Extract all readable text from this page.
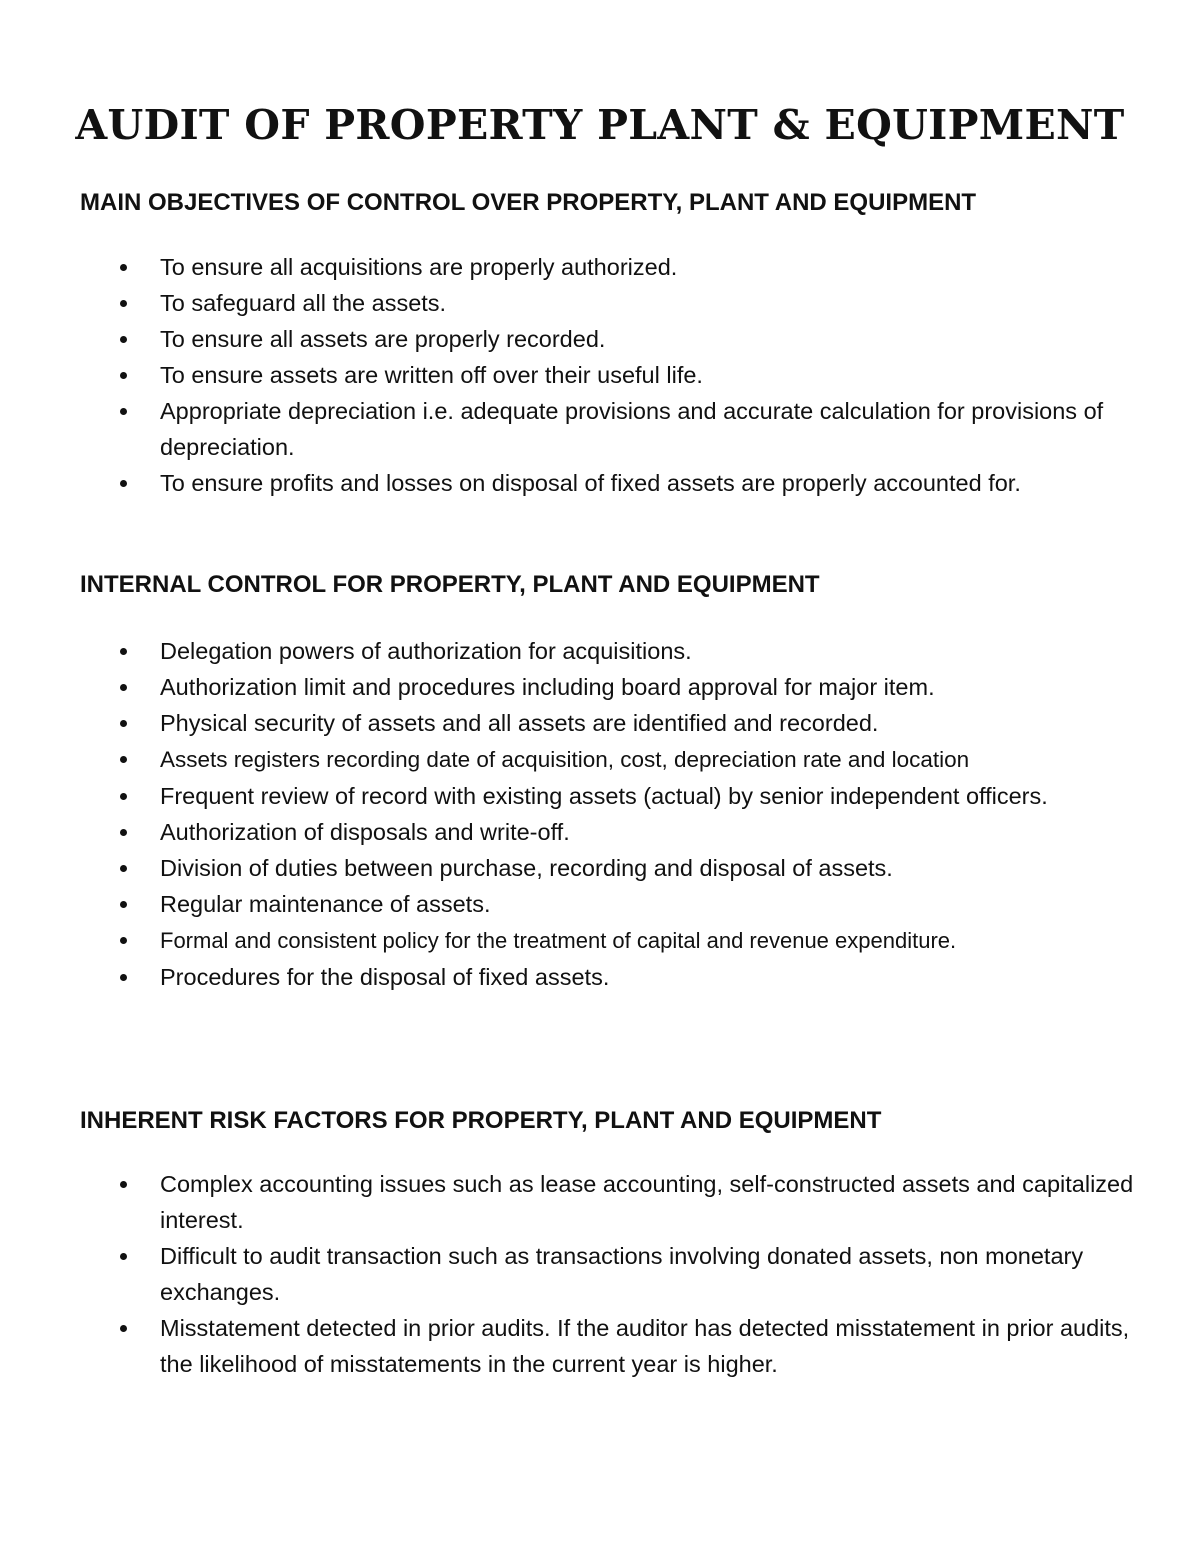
AUDIT OF PROPERTY PLANT & EQUIPMENT
MAIN OBJECTIVES OF CONTROL OVER PROPERTY, PLANT AND EQUIPMENT
To ensure all acquisitions are properly authorized.
To safeguard all the assets.
To ensure all assets are properly recorded.
To ensure assets are written off over their useful life.
Appropriate depreciation i.e. adequate provisions and accurate calculation for provisions of depreciation.
To ensure profits and losses on disposal of fixed assets are properly accounted for.
INTERNAL CONTROL FOR PROPERTY, PLANT AND EQUIPMENT
Delegation powers of authorization for acquisitions.
Authorization limit and procedures including board approval for major item.
Physical security of assets and all assets are identified and recorded.
Assets registers recording date of acquisition, cost, depreciation rate and location
Frequent review of record with existing assets (actual) by senior independent officers.
Authorization of disposals and write-off.
Division of duties between purchase, recording and disposal of assets.
Regular maintenance of assets.
Formal and consistent policy for the treatment of capital and revenue expenditure.
Procedures for the disposal of fixed assets.
INHERENT RISK FACTORS FOR PROPERTY, PLANT AND EQUIPMENT
Complex accounting issues such as lease accounting, self-constructed assets and capitalized interest.
Difficult to audit transaction such as transactions involving donated assets, non monetary exchanges.
Misstatement detected in prior audits. If the auditor has detected misstatement in prior audits, the likelihood of misstatements in the current year is higher.
